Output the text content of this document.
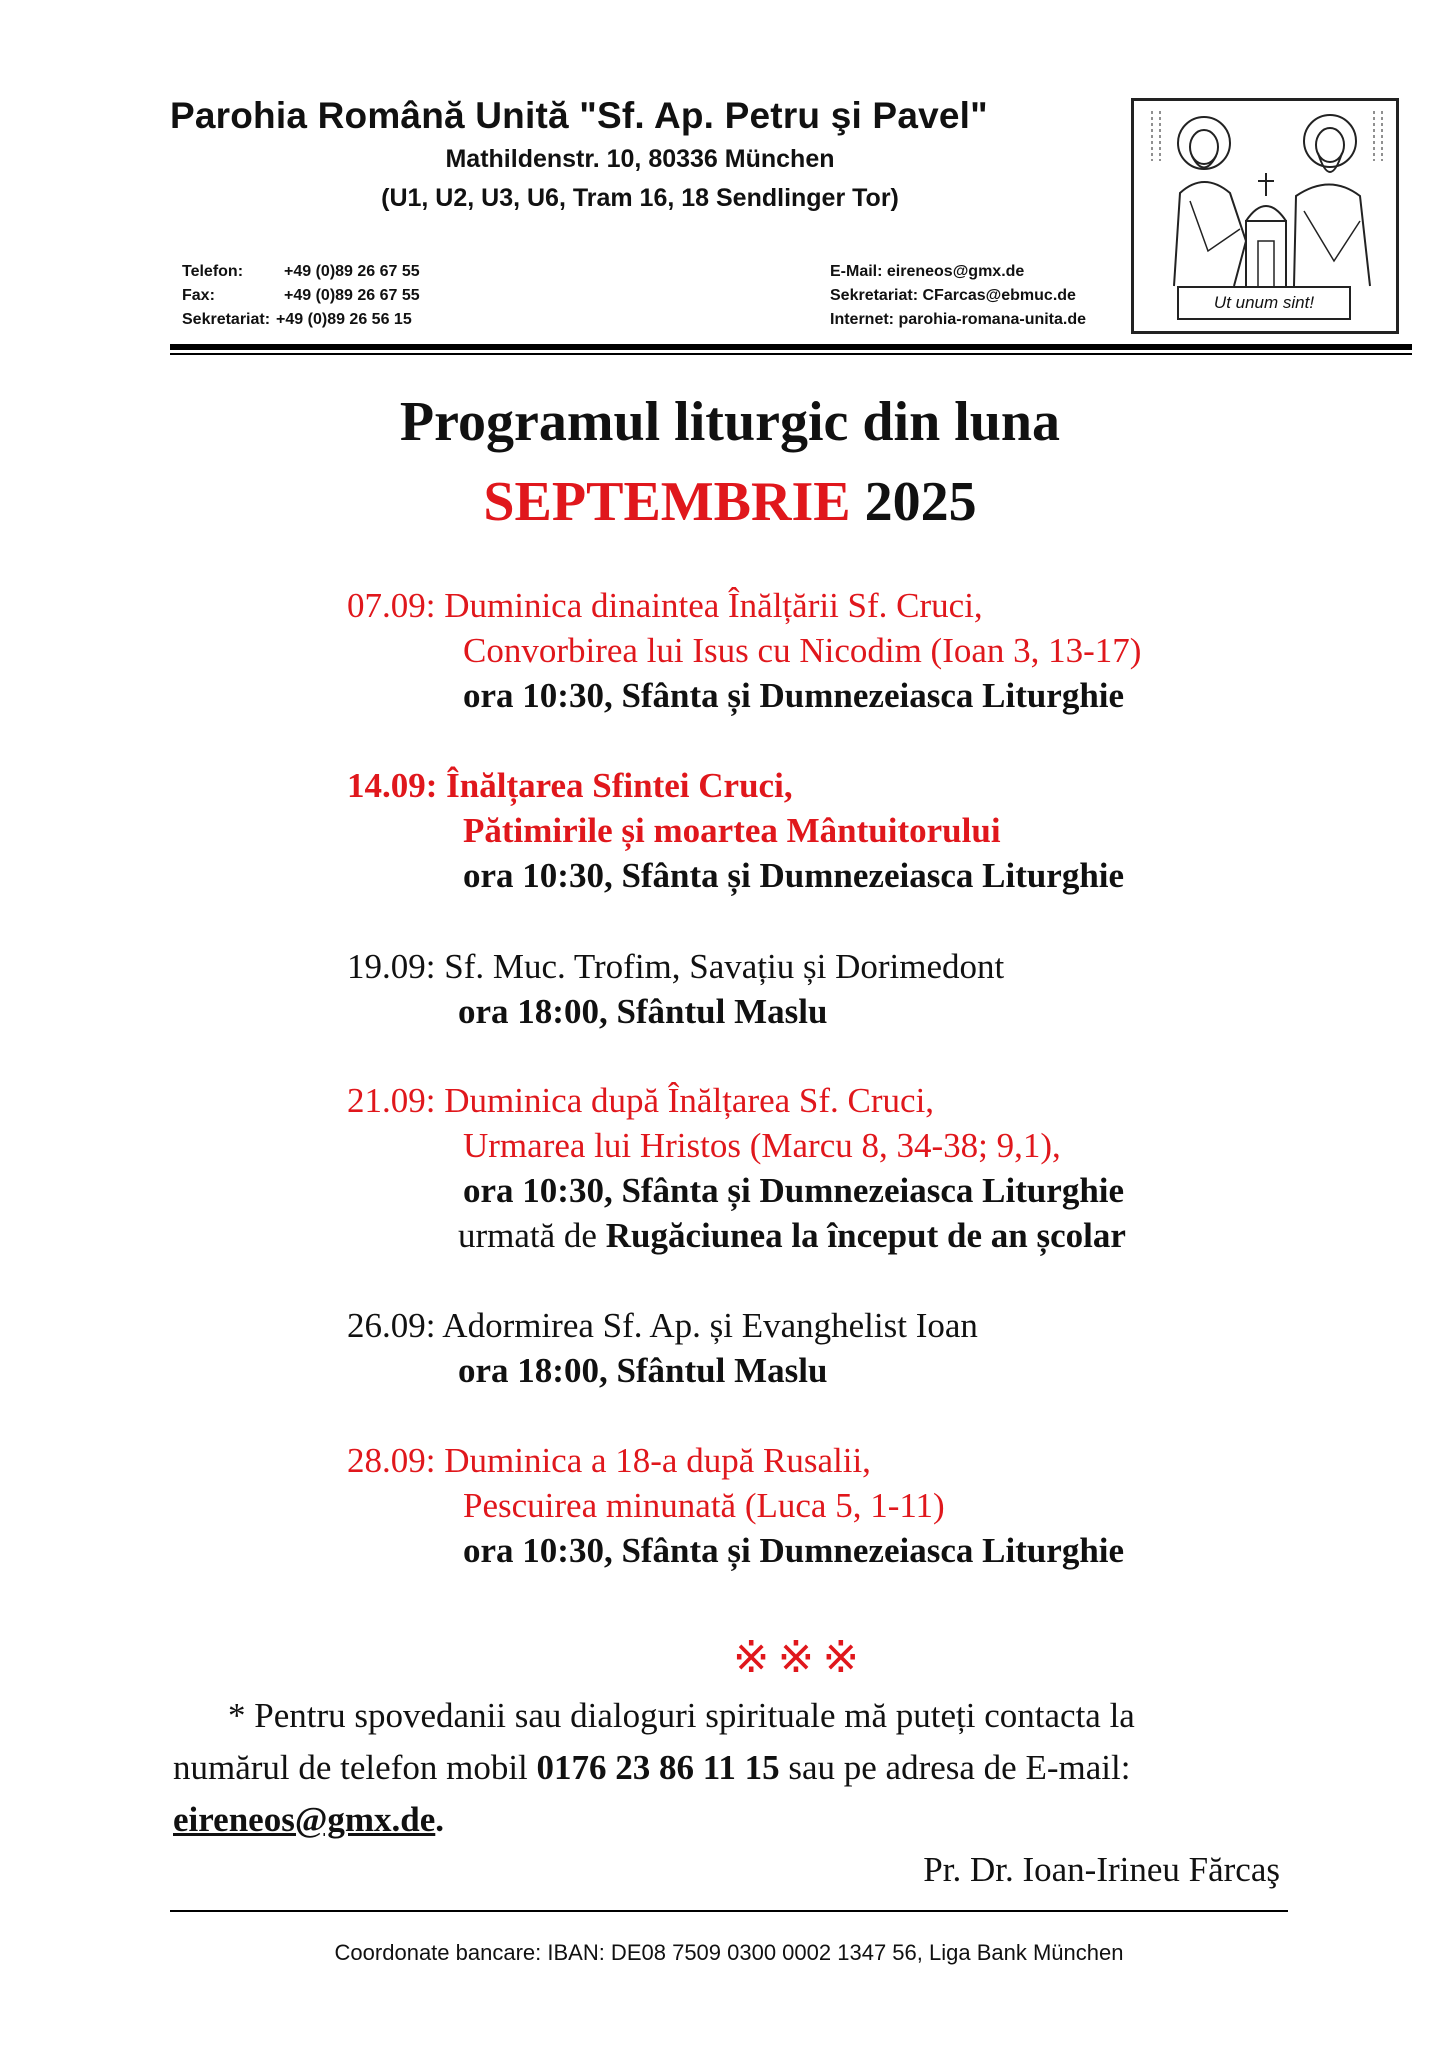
Parohia Română Unită "Sf. Ap. Petru şi Pavel"
Mathildenstr. 10, 80336 München
(U1, U2, U3, U6, Tram 16, 18 Sendlinger Tor)
Telefon:	+49 (0)89 26 67 55
Fax:	+49 (0)89 26 67 55
Sekretariat: +49 (0)89 26 56 15
E-Mail: eireneos@gmx.de
Sekretariat: CFarcas@ebmuc.de
Internet: parohia-romana-unita.de
Ut unum sint!
Programul liturgic din luna
SEPTEMBRIE 2025
07.09: Duminica dinaintea Înălțării Sf. Cruci,
Convorbirea lui Isus cu Nicodim (Ioan 3, 13-17)
ora 10:30, Sfânta și Dumnezeiasca Liturghie
14.09: Înălțarea Sfintei Cruci,
Pătimirile și moartea Mântuitorului
ora 10:30, Sfânta și Dumnezeiasca Liturghie
19.09: Sf. Muc. Trofim, Savațiu și Dorimedont
ora 18:00, Sfântul Maslu
21.09: Duminica după Înălțarea Sf. Cruci,
Urmarea lui Hristos (Marcu 8, 34-38; 9,1),
ora 10:30, Sfânta și Dumnezeiasca Liturghie
urmată de Rugăciunea la început de an școlar
26.09: Adormirea Sf. Ap. și Evanghelist Ioan
ora 18:00, Sfântul Maslu
28.09: Duminica a 18-a după Rusalii,
Pescuirea minunată (Luca 5, 1-11)
ora 10:30, Sfânta și Dumnezeiasca Liturghie
※※※
* Pentru spovedanii sau dialoguri spirituale mă puteți contacta la
numărul de telefon mobil 0176 23 86 11 15 sau pe adresa de E-mail:
eireneos@gmx.de.
Pr. Dr. Ioan-Irineu Fărcaş
Coordonate bancare: IBAN: DE08 7509 0300 0002 1347 56, Liga Bank München
